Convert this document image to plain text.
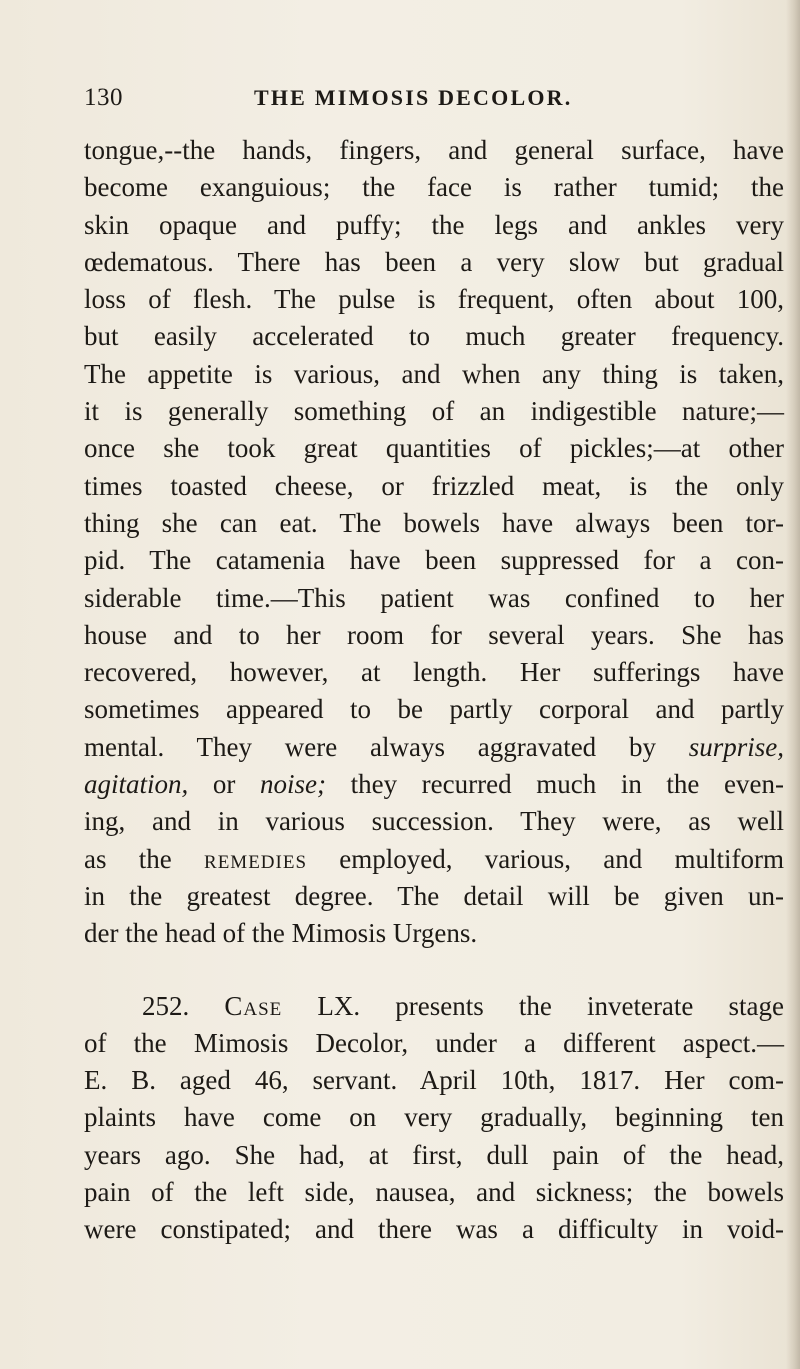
130	THE MIMOSIS DECOLOR.
tongue,--the hands, fingers, and general surface, have
become exanguious; the face is rather tumid; the
skin opaque and puffy; the legs and ankles very
œdematous. There has been a very slow but gradual
loss of flesh. The pulse is frequent, often about 100,
but easily accelerated to much greater frequency.
The appetite is various, and when any thing is taken,
it is generally something of an indigestible nature;—
once she took great quantities of pickles;—at other
times toasted cheese, or frizzled meat, is the only
thing she can eat. The bowels have always been tor-
pid. The catamenia have been suppressed for a con-
siderable time.—This patient was confined to her
house and to her room for several years. She has
recovered, however, at length. Her sufferings have
sometimes appeared to be partly corporal and partly
mental. They were always aggravated by surprise,
agitation, or noise; they recurred much in the even-
ing, and in various succession. They were, as well
as the remedies employed, various, and multiform
in the greatest degree. The detail will be given un-
der the head of the Mimosis Urgens.
252. Case LX. presents the inveterate stage
of the Mimosis Decolor, under a different aspect.—
E. B. aged 46, servant. April 10th, 1817. Her com-
plaints have come on very gradually, beginning ten
years ago. She had, at first, dull pain of the head,
pain of the left side, nausea, and sickness; the bowels
were constipated; and there was a difficulty in void-
